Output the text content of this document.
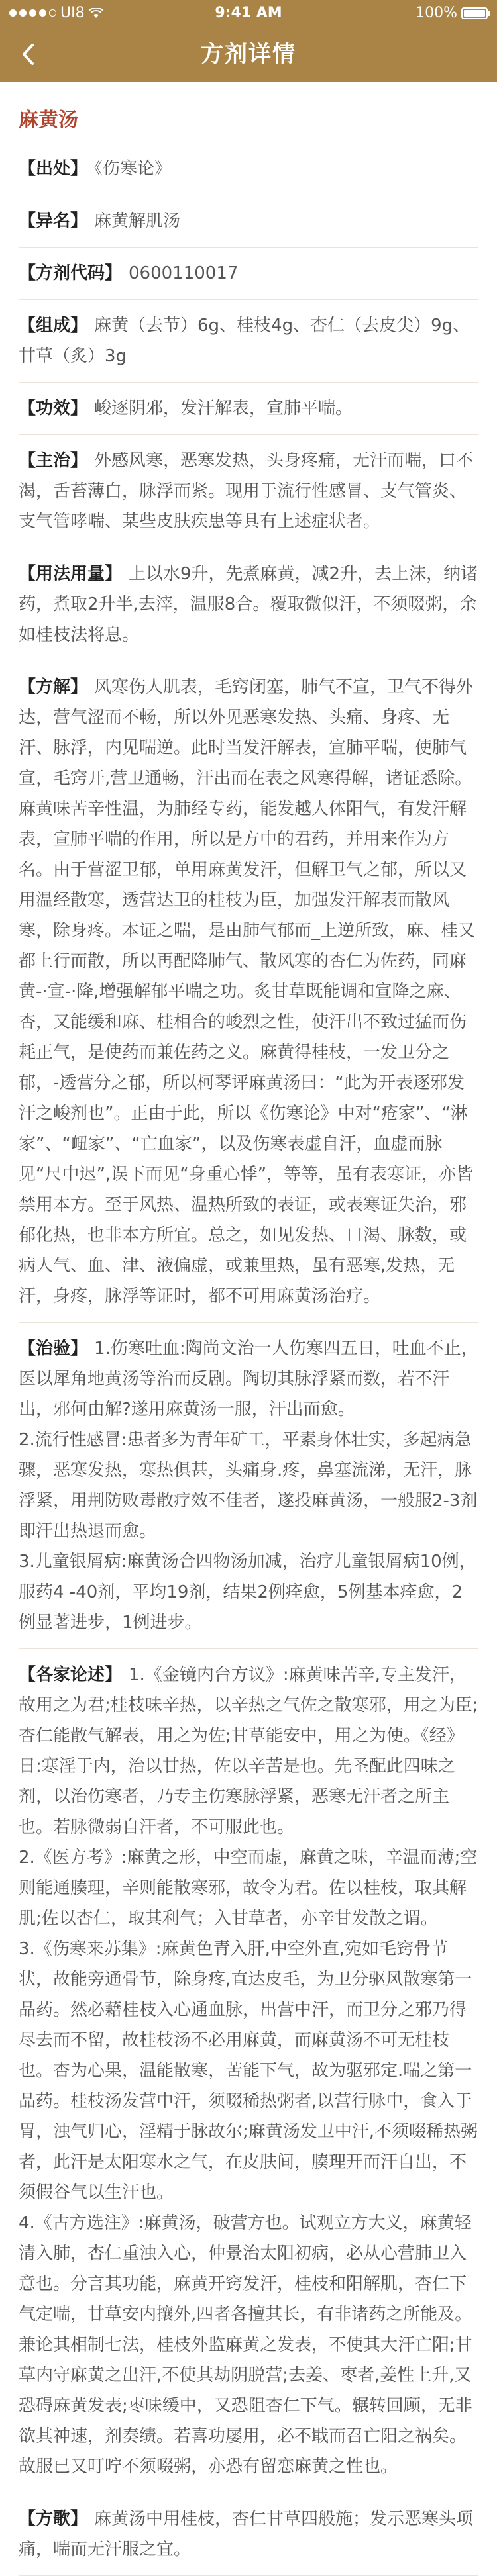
UI8	9:41 AM	100%
方剂详情
麻黄汤

【出处】 《伤寒论》

【异名】 麻黄解肌汤

【方剂代码】 0600110017

【组成】 麻黄（去节）6g、桂枝4g、杏仁（去皮尖）9g、甘草（炙）3g

【功效】 峻逐阴邪，发汗解表，宣肺平喘。

【主治】 外感风寒，恶寒发热，头身疼痛，无汗而喘，口不渴，舌苔薄白，脉浮而紧。现用于流行性感冒、支气管炎、支气管哮喘、某些皮肤疾患等具有上述症状者。

【用法用量】 上以水9升，先煮麻黄，减2升，去上沫，纳诸药，煮取2升半,去滓，温服8合。覆取微似汗，不须啜粥，余如桂枝法将息。

【方解】 风寒伤人肌表，毛窍闭塞，肺气不宣，卫气不得外达，营气涩而不畅，所以外见恶寒发热、头痛、身疼、无汗、脉浮，内见喘逆。此时当发汗解表，宣肺平喘，使肺气宣，毛窍开,营卫通畅，汗出而在表之风寒得解，诸证悉除。麻黄味苦辛性温，为肺经专药，能发越人体阳气，有发汗解表，宣肺平喘的作用，所以是方中的君药，并用来作为方名。由于营涩卫郁，单用麻黄发汗，但解卫气之郁，所以又用温经散寒，透营达卫的桂枝为臣，加强发汗解表而散风寒，除身疼。本证之喘，是由肺气郁而_上逆所致，麻、桂又都上行而散，所以再配降肺气、散风寒的杏仁为佐药，同麻黄-·宣-·降,增强解郁平喘之功。炙甘草既能调和宣降之麻、杏，又能缓和麻、桂相合的峻烈之性，使汗出不致过猛而伤耗正气，是使药而兼佐药之义。麻黄得桂枝，一发卫分之郁，-透营分之郁，所以柯琴评麻黄汤曰：“此为开表逐邪发汗之峻剂也”。正由于此，所以《伤寒论》中对“疮家”、“淋家”、“衄家”、“亡血家”，以及伤寒表虚自汗，血虚而脉见“尺中迟”,误下而见“身重心悸”，等等，虽有表寒证，亦皆禁用本方。至于风热、温热所致的表证，或表寒证失治，邪郁化热，也非本方所宜。总之，如见发热、口渴、脉数，或病人气、血、津、液偏虚，或兼里热，虽有恶寒,发热，无汗，身疼，脉浮等证时，都不可用麻黄汤治疗。

【治验】 1.伤寒吐血:陶尚文治一人伤寒四五日，吐血不止，医以犀角地黄汤等治而反剧。陶切其脉浮紧而数，若不汗出，邪何由解?遂用麻黄汤一服，汗出而愈。

2.流行性感冒:患者多为青年矿工，平素身体壮实，多起病急骤，恶寒发热，寒热俱甚，头痛身.疼，鼻塞流涕，无汗，脉浮紧，用荆防败毒散疗效不佳者，遂投麻黄汤，一般服2-3剂即汗出热退而愈。

3.儿童银屑病:麻黄汤合四物汤加减，治疗儿童银屑病10例，服药4 -40剂，平均19剂，结果2例痊愈，5例基本痊愈，2例显著进步，1例进步。

【各家论述】 1.《金镜内台方议》:麻黄味苦辛,专主发汗，故用之为君;桂枝味辛热，以辛热之气佐之散寒邪，用之为臣;杏仁能散气解表，用之为佐;甘草能安中，用之为使。《经》日:寒淫于内，治以甘热，佐以辛苦是也。先圣配此四味之剂，以治伤寒者，乃专主伤寒脉浮紧，恶寒无汗者之所主也。若脉微弱自汗者，不可服此也。

2.《医方考》:麻黄之形，中空而虚，麻黄之味，辛温而薄;空则能通腠理，辛则能散寒邪，故令为君。佐以桂枝，取其解肌;佐以杏仁，取其利气；入甘草者，亦辛甘发散之谓。

3.《伤寒来苏集》:麻黄色青入肝,中空外直,宛如毛窍骨节状，故能旁通骨节，除身疼,直达皮毛，为卫分驱风散寒第一品药。然必藉桂枝入心通血脉，出营中汗，而卫分之邪乃得尽去而不留，故桂枝汤不必用麻黄，而麻黄汤不可无桂枝也。杏为心果，温能散寒，苦能下气，故为驱邪定.喘之第一品药。桂枝汤发营中汗，须啜稀热粥者,以营行脉中，食入于胃，浊气归心，淫精于脉故尔;麻黄汤发卫中汗,不须啜稀热粥者，此汗是太阳寒水之气，在皮肤间，腠理开而汗自出，不须假谷气以生汗也。

4.《古方选注》:麻黄汤，破营方也。试观立方大义，麻黄轻清入肺，杏仁重浊入心，仲景治太阳初病，必从心营肺卫入意也。分言其功能，麻黄开窍发汗，桂枝和阳解肌，杏仁下气定喘，甘草安内攘外,四者各擅其长，有非诸药之所能及。兼论其相制七法，桂枝外监麻黄之发表，不使其大汗亡阳;甘草内守麻黄之出汗,不使其劫阴脱营;去姜、枣者,姜性上升,又恐碍麻黄发表;枣味缓中，又恐阻杏仁下气。辗转回顾，无非欲其神速，剂奏绩。若喜功屡用，必不戢而召亡阳之祸矣。故服已又叮咛不须啜粥，亦恐有留恋麻黄之性也。

【方歌】 麻黄汤中用桂枝，杏仁甘草四般施；发示恶寒头项痛，喘而无汗服之宜。
